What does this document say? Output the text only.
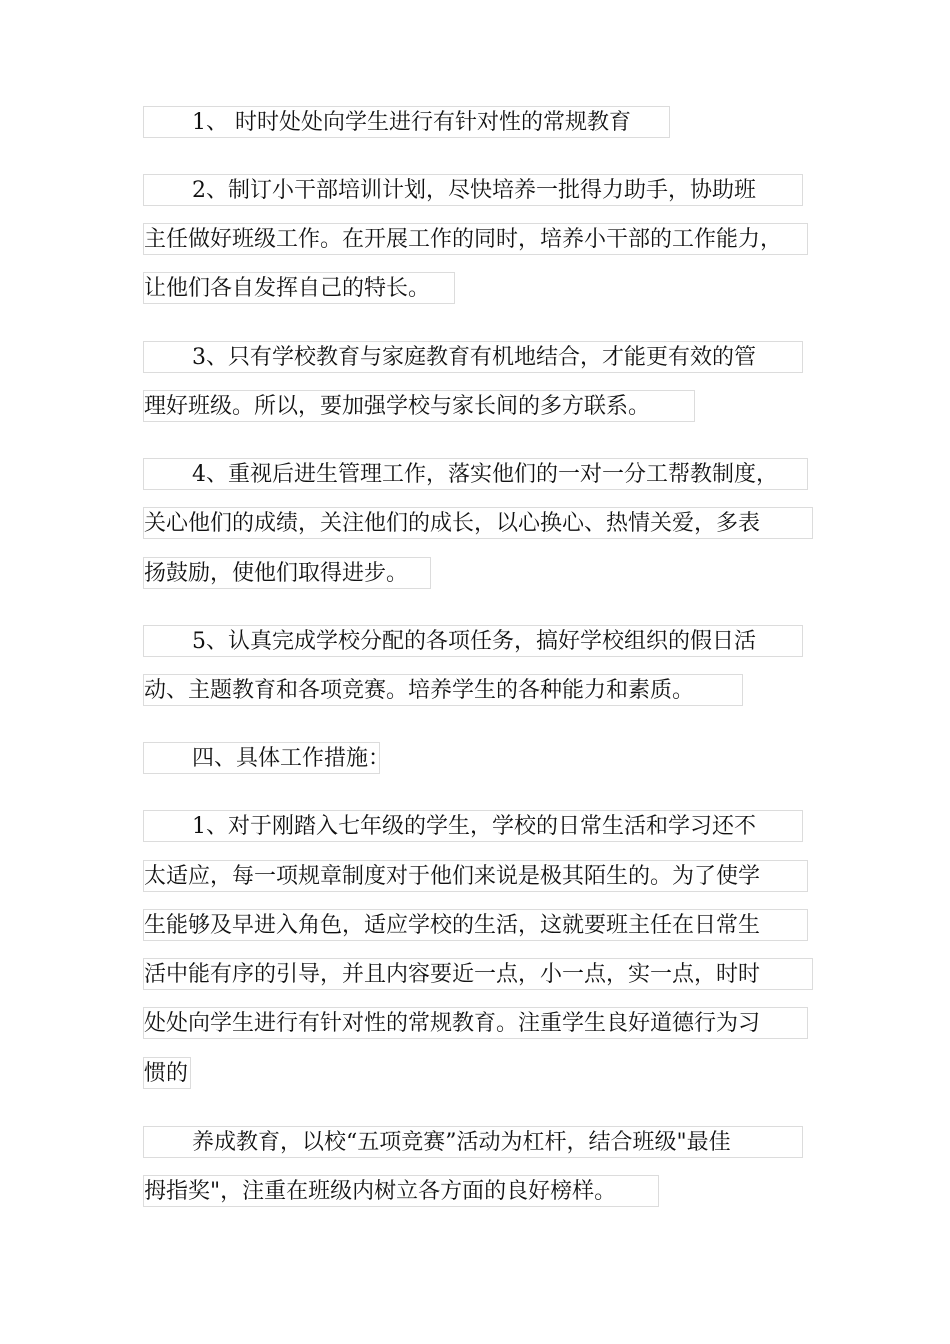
1、 时时处处向学生进行有针对性的常规教育
2、制订小干部培训计划，尽快培养一批得力助手，协助班
主任做好班级工作。在开展工作的同时，培养小干部的工作能力，
让他们各自发挥自己的特长。
3、只有学校教育与家庭教育有机地结合，才能更有效的管
理好班级。所以，要加强学校与家长间的多方联系。
4、重视后进生管理工作，落实他们的一对一分工帮教制度，
关心他们的成绩，关注他们的成长，以心换心、热情关爱，多表
扬鼓励，使他们取得进步。
5、认真完成学校分配的各项任务，搞好学校组织的假日活
动、主题教育和各项竞赛。培养学生的各种能力和素质。
四、具体工作措施：
1、对于刚踏入七年级的学生，学校的日常生活和学习还不
太适应，每一项规章制度对于他们来说是极其陌生的。为了使学
生能够及早进入角色，适应学校的生活，这就要班主任在日常生
活中能有序的引导，并且内容要近一点，小一点，实一点，时时
处处向学生进行有针对性的常规教育。注重学生良好道德行为习
惯的
养成教育，以校“五项竞赛”活动为杠杆，结合班级"最佳
拇指奖"，注重在班级内树立各方面的良好榜样。
